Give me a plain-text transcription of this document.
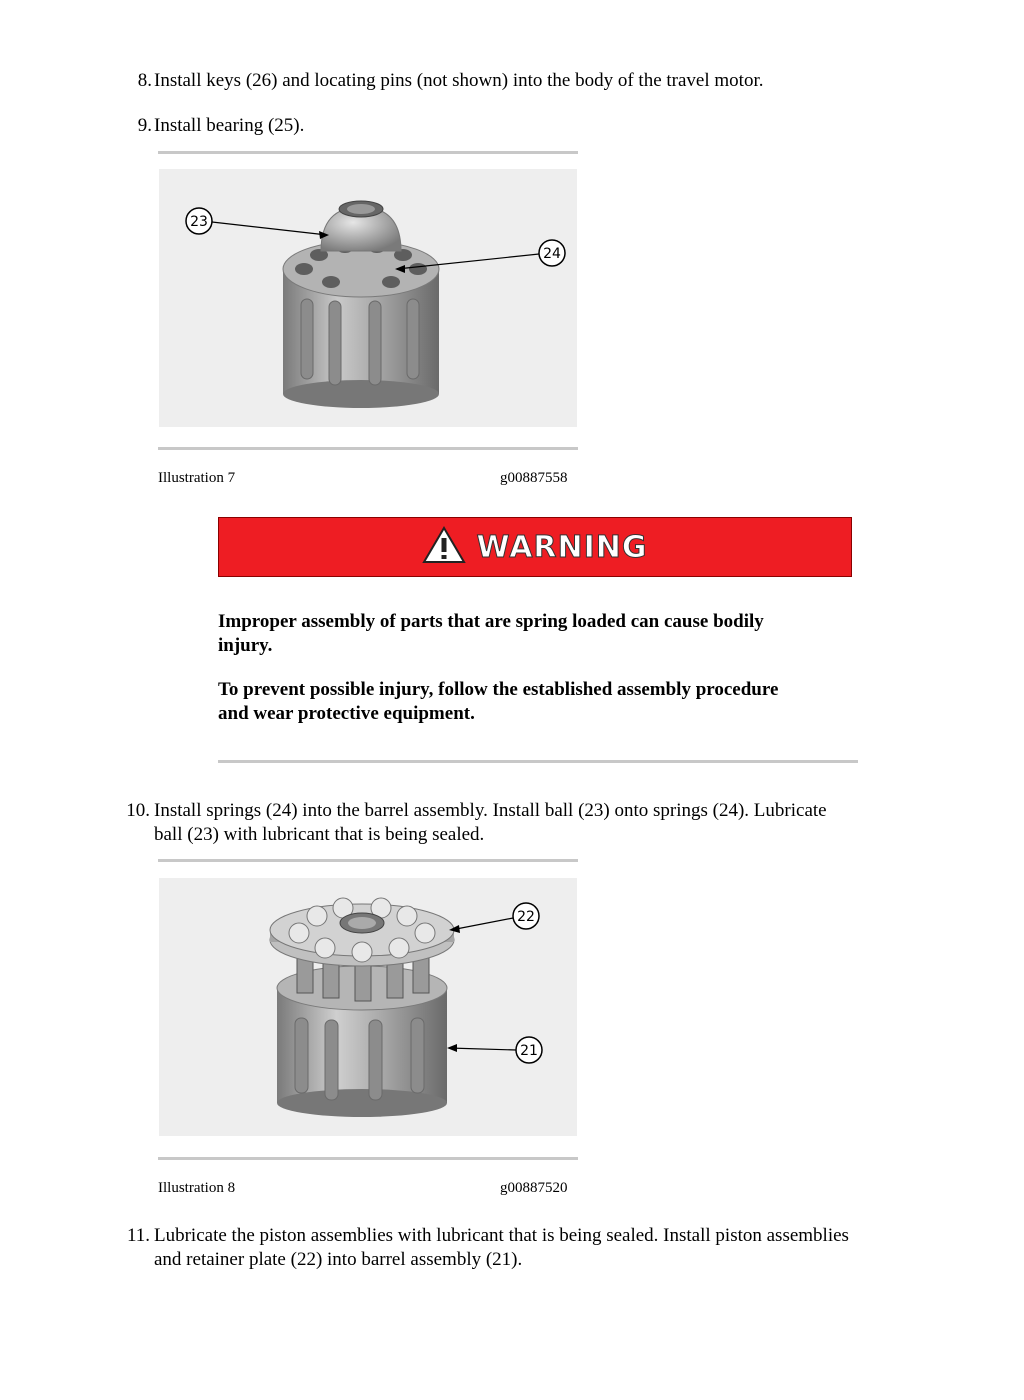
8. Install keys (26) and locating pins (not shown) into the body of the travel motor.
9. Install bearing (25).
23
24
Illustration 7	g00887558
WARNING
Improper assembly of parts that are spring loaded can cause bodily
injury.
To prevent possible injury, follow the established assembly procedure
and wear protective equipment.
10. Install springs (24) into the barrel assembly. Install ball (23) onto springs (24). Lubricate
ball (23) with lubricant that is being sealed.
22
21
Illustration 8	g00887520
11. Lubricate the piston assemblies with lubricant that is being sealed. Install piston assemblies
and retainer plate (22) into barrel assembly (21).
